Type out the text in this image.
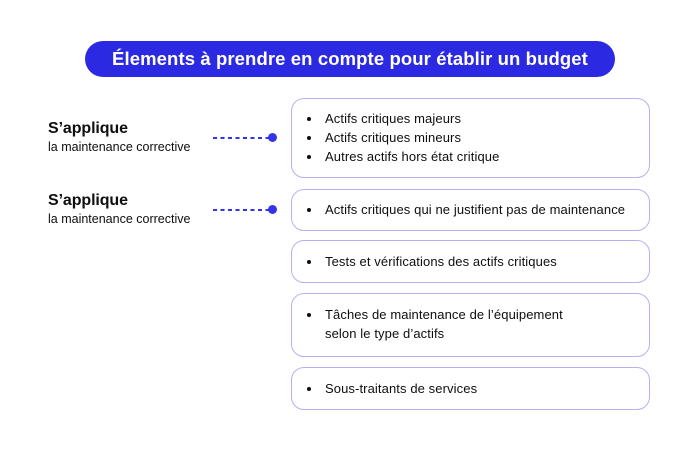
Élements à prendre en compte pour établir un budget
S’applique
la maintenance corrective
S’applique
la maintenance corrective
• Actifs critiques majeurs
• Actifs critiques mineurs
• Autres actifs hors état critique
• Actifs critiques qui ne justifient pas de maintenance
• Tests et vérifications des actifs critiques
• Tâches de maintenance de l’équipement selon le type d’actifs
• Sous-traitants de services
